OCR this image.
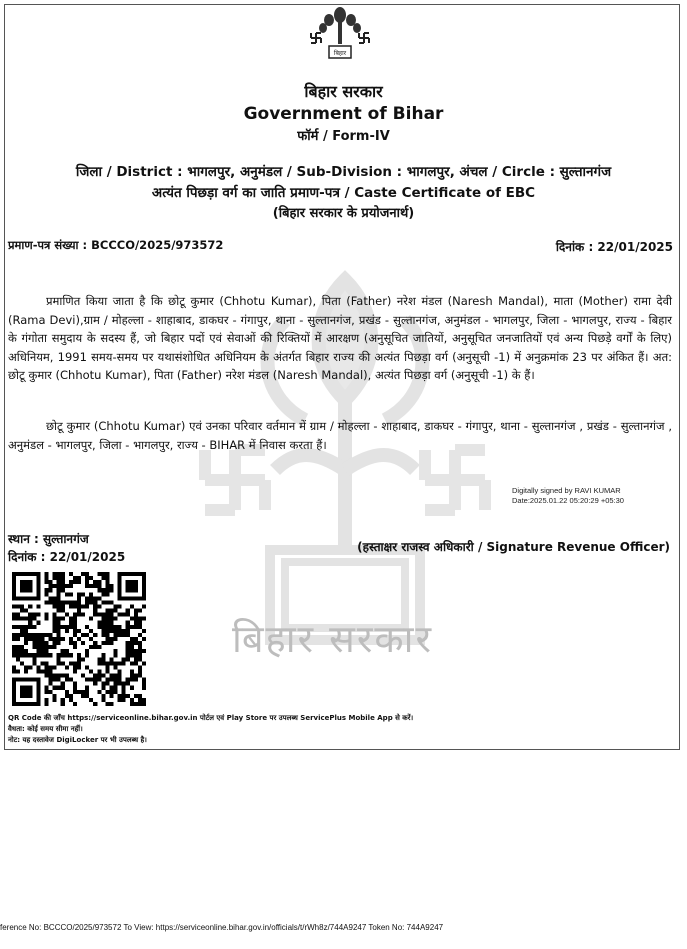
बिहार सरकार
बिहार
बिहार सरकार
Government of Bihar
फॉर्म / Form-IV
जिला / District : भागलपुर, अनुमंडल / Sub-Division : भागलपुर, अंचल / Circle : सुल्तानगंज
अत्यंत पिछड़ा वर्ग का जाति प्रमाण-पत्र / Caste Certificate of EBC
(बिहार सरकार के प्रयोजनार्थ)
प्रमाण-पत्र संख्या : BCCCO/2025/973572	दिनांक : 22/01/2025
प्रमाणित किया जाता है कि छोटू कुमार (Chhotu Kumar), पिता (Father) नरेश मंडल (Naresh Mandal), माता (Mother) रामा देवी (Rama Devi),ग्राम / मोहल्ला - शाहाबाद, डाकघर - गंगापुर, थाना - सुल्तानगंज, प्रखंड - सुल्तानगंज, अनुमंडल - भागलपुर, जिला - भागलपुर, राज्य - बिहार के गंगोता समुदाय के सदस्य हैं, जो बिहार पदों एवं सेवाओं की रिक्तियों में आरक्षण (अनुसूचित जातियों, अनुसूचित जनजातियों एवं अन्य पिछड़े वर्गों के लिए) अधिनियम, 1991 समय-समय पर यथासंशोधित अधिनियम के अंतर्गत बिहार राज्य की अत्यंत पिछड़ा वर्ग (अनुसूची -1) में अनुक्रमांक 23 पर अंकित हैं। अत: छोटू कुमार (Chhotu Kumar), पिता (Father) नरेश मंडल (Naresh Mandal), अत्यंत पिछड़ा वर्ग (अनुसूची -1) के हैं।
छोटू कुमार (Chhotu Kumar) एवं उनका परिवार वर्तमान में ग्राम / मोहल्ला - शाहाबाद, डाकघर - गंगापुर, थाना - सुल्तानगंज , प्रखंड - सुल्तानगंज , अनुमंडल - भागलपुर, जिला - भागलपुर, राज्य - BIHAR में निवास करता हैं।
Digitally signed by RAVI KUMAR
Date:2025.01.22 05:20:29 +05:30
स्थान : सुल्तानगंज
दिनांक : 22/01/2025
(हस्ताक्षर राजस्व अधिकारी / Signature Revenue Officer)
QR Code की जाँच https://serviceonline.bihar.gov.in पोर्टल एवं Play Store पर उपलब्ध ServicePlus Mobile App से करें।
वैधता: कोई समय सीमा नहीं।
नोट: यह दस्तावेज DigiLocker पर भी उपलब्ध है।
ference No: BCCCO/2025/973572 To View: https://serviceonline.bihar.gov.in/officials/t/rWh8z/744A9247 Token No: 744A9247
